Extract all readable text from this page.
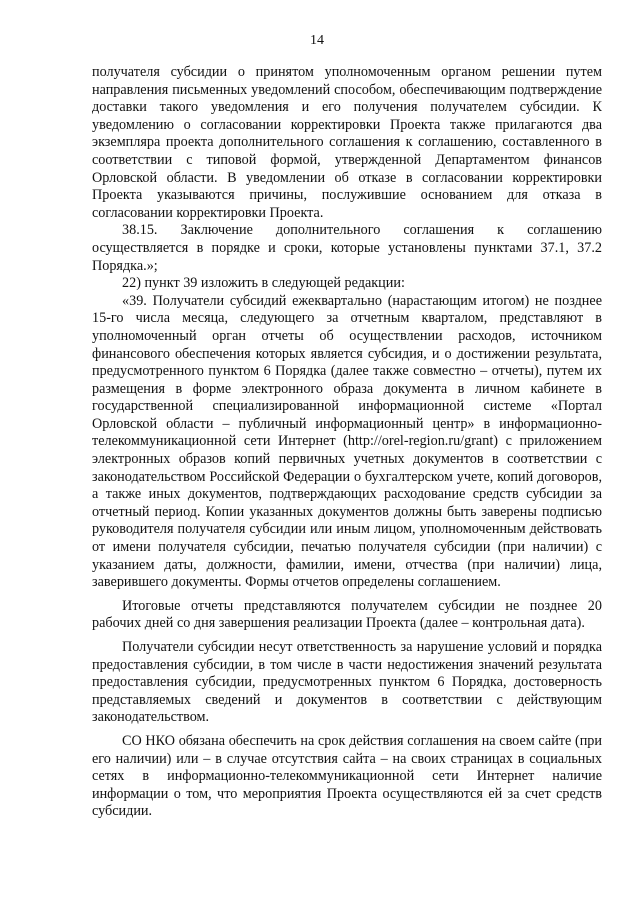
14

получателя субсидии о принятом уполномоченным органом решении путем направления письменных уведомлений способом, обеспечивающим подтверждение доставки такого уведомления и его получения получателем субсидии. К уведомлению о согласовании корректировки Проекта также прилагаются два экземпляра проекта дополнительного соглашения к соглашению, составленного в соответствии с типовой формой, утвержденной Департаментом финансов Орловской области. В уведомлении об отказе в согласовании корректировки Проекта указываются причины, послужившие основанием для отказа в согласовании корректировки Проекта.

38.15. Заключение дополнительного соглашения к соглашению осуществляется в порядке и сроки, которые установлены пунктами 37.1, 37.2 Порядка.»;

22) пункт 39 изложить в следующей редакции:

«39. Получатели субсидий ежеквартально (нарастающим итогом) не позднее 15-го числа месяца, следующего за отчетным кварталом, представляют в уполномоченный орган отчеты об осуществлении расходов, источником финансового обеспечения которых является субсидия, и о достижении результата, предусмотренного пунктом 6 Порядка (далее также совместно – отчеты), путем их размещения в форме электронного образа документа в личном кабинете в государственной специализированной информационной системе «Портал Орловской области – публичный информационный центр» в информационно-телекоммуникационной сети Интернет (http://orel-region.ru/grant) с приложением электронных образов копий первичных учетных документов в соответствии с законодательством Российской Федерации о бухгалтерском учете, копий договоров, а также иных документов, подтверждающих расходование средств субсидии за отчетный период. Копии указанных документов должны быть заверены подписью руководителя получателя субсидии или иным лицом, уполномоченным действовать от имени получателя субсидии, печатью получателя субсидии (при наличии) с указанием даты, должности, фамилии, имени, отчества (при наличии) лица, заверившего документы. Формы отчетов определены соглашением.

Итоговые отчеты представляются получателем субсидии не позднее 20 рабочих дней со дня завершения реализации Проекта (далее – контрольная дата).

Получатели субсидии несут ответственность за нарушение условий и порядка предоставления субсидии, в том числе в части недостижения значений результата предоставления субсидии, предусмотренных пунктом 6 Порядка, достоверность представляемых сведений и документов в соответствии с действующим законодательством.

СО НКО обязана обеспечить на срок действия соглашения на своем сайте (при его наличии) или – в случае отсутствия сайта – на своих страницах в социальных сетях в информационно-телекоммуникационной сети Интернет наличие информации о том, что мероприятия Проекта осуществляются ей за счет средств субсидии.
